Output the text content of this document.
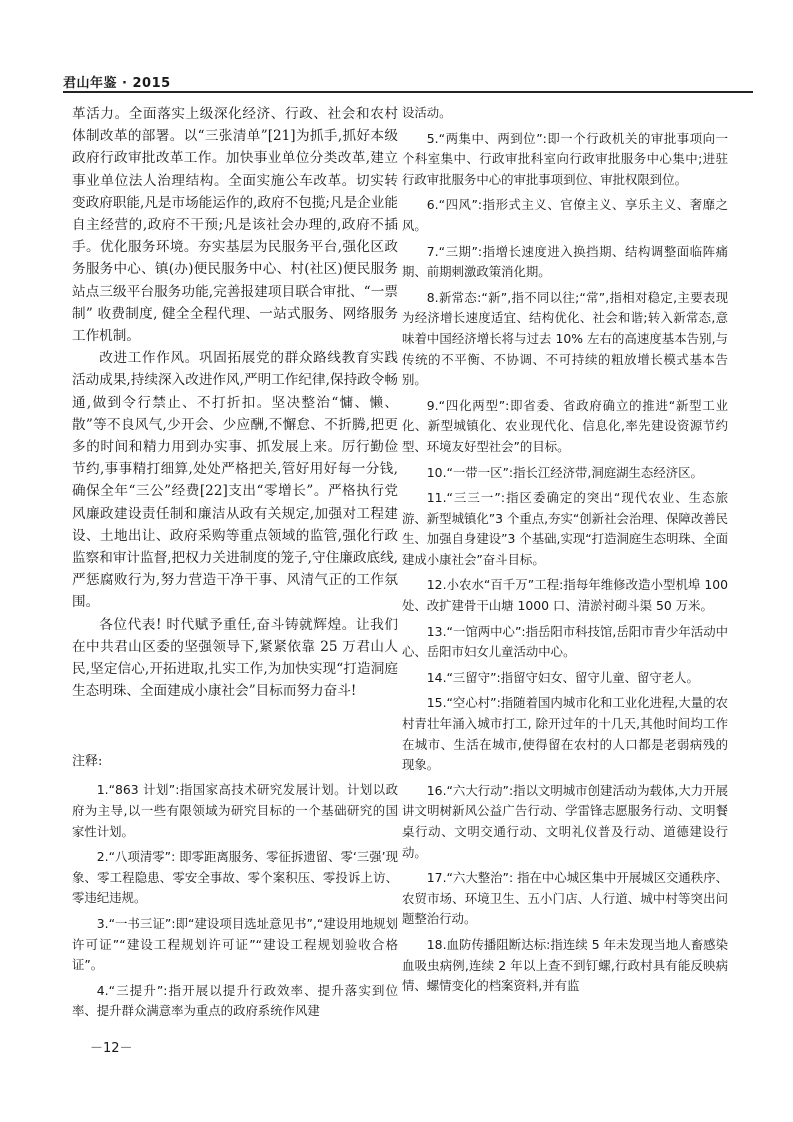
君山年鉴 · 2015

革活力。全面落实上级深化经济、行政、社会和农村体制改革的部署。以“三张清单”[21]为抓手,抓好本级政府行政审批改革工作。加快事业单位分类改革,建立事业单位法人治理结构。全面实施公车改革。切实转变政府职能,凡是市场能运作的,政府不包揽;凡是企业能自主经营的,政府不干预;凡是该社会办理的,政府不插手。优化服务环境。夯实基层为民服务平台,强化区政务服务中心、镇(办)便民服务中心、村(社区)便民服务站点三级平台服务功能,完善报建项目联合审批、“一票制” 收费制度, 健全全程代理、一站式服务、网络服务工作机制。

改进工作作风。巩固拓展党的群众路线教育实践活动成果,持续深入改进作风,严明工作纪律,保持政令畅通,做到令行禁止、不打折扣。坚决整治“慵、懒、散”等不良风气,少开会、少应酬,不懈怠、不折腾,把更多的时间和精力用到办实事、抓发展上来。厉行勤俭节约,事事精打细算,处处严格把关,管好用好每一分钱,确保全年“三公”经费[22]支出“零增长”。严格执行党风廉政建设责任制和廉洁从政有关规定,加强对工程建设、土地出让、政府采购等重点领域的监管,强化行政监察和审计监督,把权力关进制度的笼子,守住廉政底线,严惩腐败行为,努力营造干净干事、风清气正的工作氛围。

各位代表! 时代赋予重任,奋斗铸就辉煌。让我们在中共君山区委的坚强领导下,紧紧依靠 25 万君山人民,坚定信心,开拓进取,扎实工作,为加快实现“打造洞庭生态明珠、全面建成小康社会”目标而努力奋斗!

注释:

1.“863 计划”:指国家高技术研究发展计划。计划以政府为主导,以一些有限领域为研究目标的一个基础研究的国家性计划。

2.“八项清零”: 即零距离服务、零征拆遗留、零‘三强’现象、零工程隐患、零安全事故、零个案积压、零投诉上访、零违纪违规。

3.“一书三证”:即“建设项目选址意见书”,“建设用地规划许可证”“建设工程规划许可证”“建设工程规划验收合格证”。

4.“三提升”:指开展以提升行政效率、提升落实到位率、提升群众满意率为重点的政府系统作风建

设活动。

5.“两集中、两到位”:即一个行政机关的审批事项向一个科室集中、行政审批科室向行政审批服务中心集中;进驻行政审批服务中心的审批事项到位、审批权限到位。

6.“四风”:指形式主义、官僚主义、享乐主义、奢靡之风。

7.“三期”:指增长速度进入换挡期、结构调整面临阵痛期、前期刺激政策消化期。

8.新常态:“新”,指不同以往;“常”,指相对稳定,主要表现为经济增长速度适宜、结构优化、社会和谐;转入新常态,意味着中国经济增长将与过去 10% 左右的高速度基本告别,与传统的不平衡、不协调、不可持续的粗放增长模式基本告别。

9.“四化两型”:即省委、省政府确立的推进“新型工业化、新型城镇化、农业现代化、信息化,率先建设资源节约型、环境友好型社会”的目标。

10.“一带一区”:指长江经济带,洞庭湖生态经济区。

11.“三三一”:指区委确定的突出“现代农业、生态旅游、新型城镇化”3 个重点,夯实“创新社会治理、保障改善民生、加强自身建设”3 个基础,实现“打造洞庭生态明珠、全面建成小康社会”奋斗目标。

12.小农水“百千万”工程:指每年维修改造小型机埠 100 处、改扩建骨干山塘 1000 口、清淤衬砌斗渠 50 万米。

13.“一馆两中心”:指岳阳市科技馆,岳阳市青少年活动中心、岳阳市妇女儿童活动中心。

14.“三留守”:指留守妇女、留守儿童、留守老人。

15.“空心村”:指随着国内城市化和工业化进程,大量的农村青壮年涌入城市打工, 除开过年的十几天,其他时间均工作在城市、生活在城市,使得留在农村的人口都是老弱病残的现象。

16.“六大行动”:指以文明城市创建活动为载体,大力开展讲文明树新风公益广告行动、学雷锋志愿服务行动、文明餐桌行动、文明交通行动、文明礼仪普及行动、道德建设行动。

17.“六大整治”: 指在中心城区集中开展城区交通秩序、农贸市场、环境卫生、五小门店、人行道、城中村等突出问题整治行动。

18.血防传播阻断达标:指连续 5 年未发现当地人畜感染血吸虫病例,连续 2 年以上查不到钉螺,行政村具有能反映病情、螺情变化的档案资料,并有监

－12－
